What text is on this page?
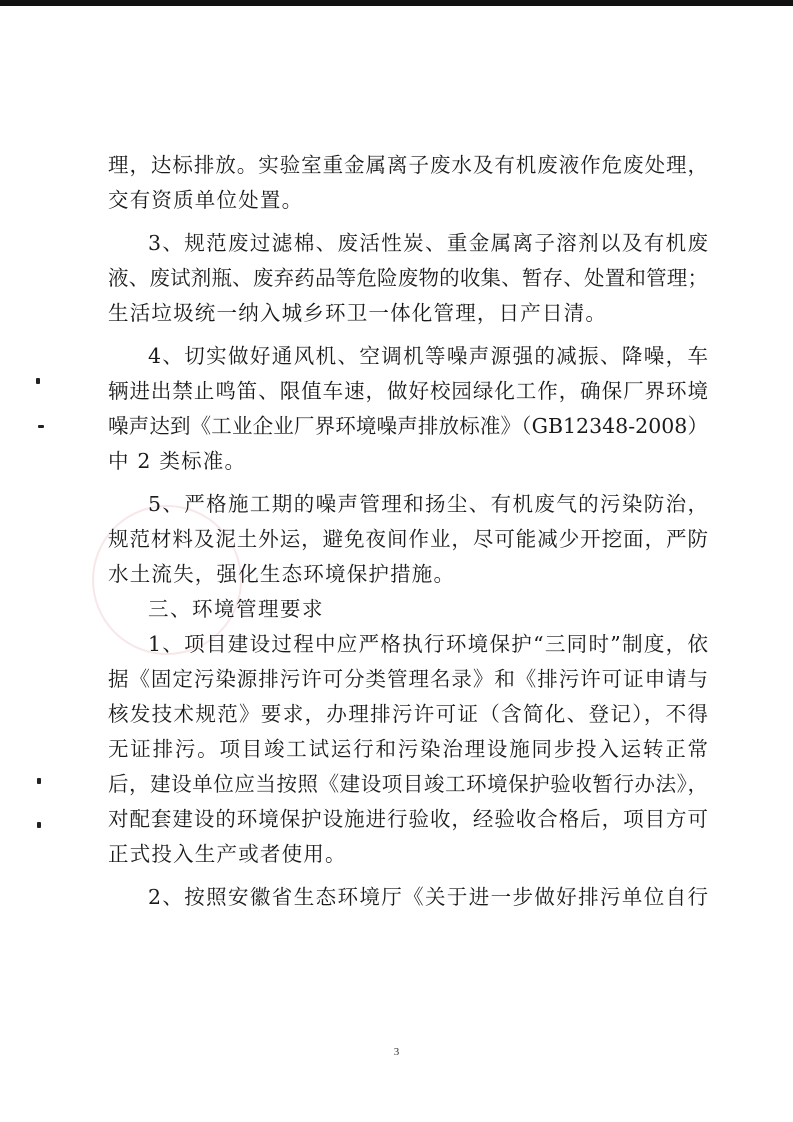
理，达标排放。实验室重金属离子废水及有机废液作危废处理，
交有资质单位处置。
3、规范废过滤棉、废活性炭、重金属离子溶剂以及有机废
液、废试剂瓶、废弃药品等危险废物的收集、暂存、处置和管理；
生活垃圾统一纳入城乡环卫一体化管理，日产日清。
4、切实做好通风机、空调机等噪声源强的减振、降噪，车
辆进出禁止鸣笛、限值车速，做好校园绿化工作，确保厂界环境
噪声达到《工业企业厂界环境噪声排放标准》（GB12348-2008）
中 2 类标准。
5、严格施工期的噪声管理和扬尘、有机废气的污染防治，
规范材料及泥土外运，避免夜间作业，尽可能减少开挖面，严防
水土流失，强化生态环境保护措施。
三、环境管理要求
1、项目建设过程中应严格执行环境保护“三同时”制度，依
据《固定污染源排污许可分类管理名录》和《排污许可证申请与
核发技术规范》要求，办理排污许可证（含简化、登记），不得
无证排污。项目竣工试运行和污染治理设施同步投入运转正常
后，建设单位应当按照《建设项目竣工环境保护验收暂行办法》，
对配套建设的环境保护设施进行验收，经验收合格后，项目方可
正式投入生产或者使用。
2、按照安徽省生态环境厅《关于进一步做好排污单位自行
3
